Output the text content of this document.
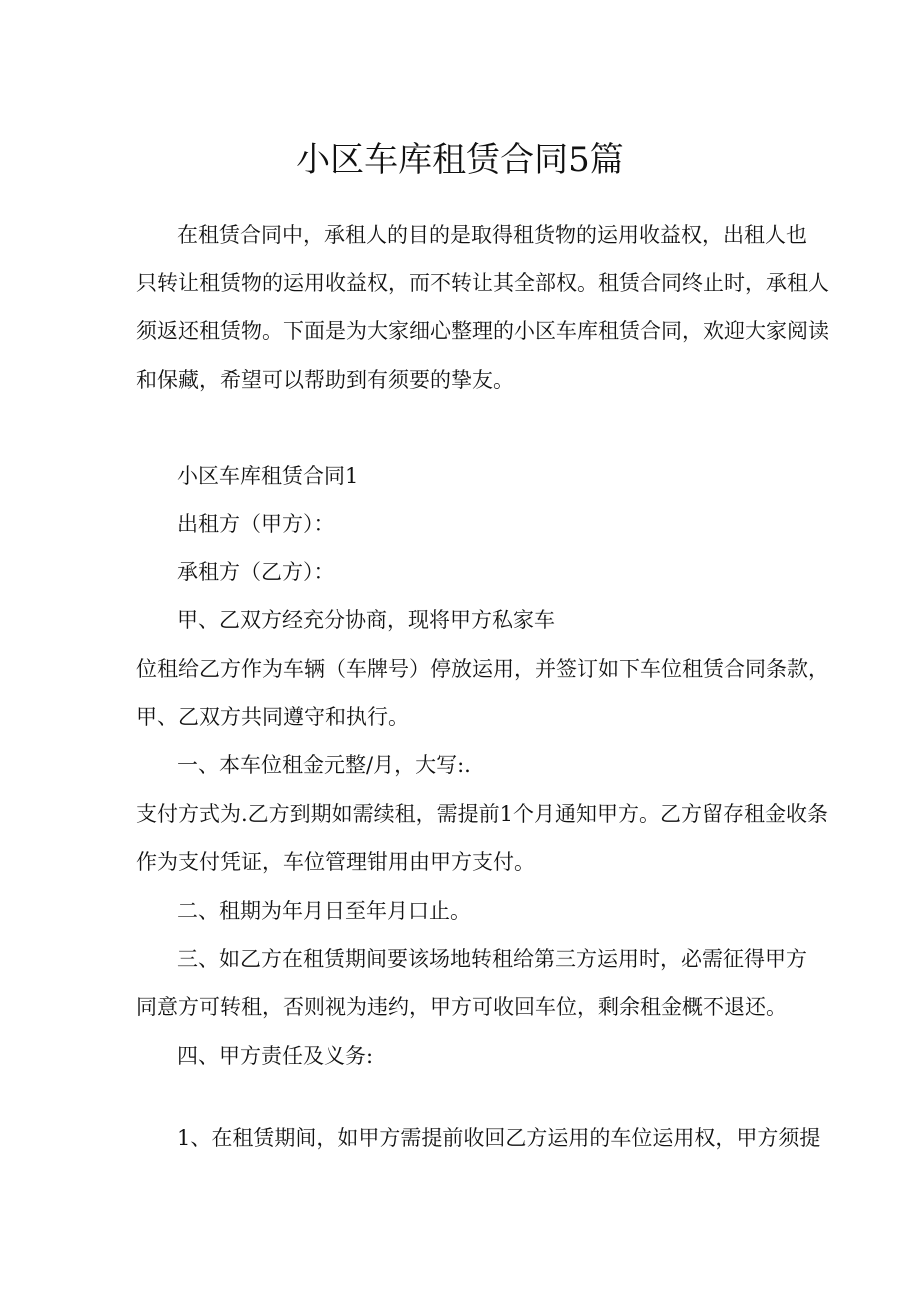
小区车库租赁合同5篇

在租赁合同中，承租人的目的是取得租货物的运用收益权，出租人也

只转让租赁物的运用收益权，而不转让其全部权。租赁合同终止时，承租人

须返还租赁物。下面是为大家细心整理的小区车库租赁合同，欢迎大家阅读

和保藏，希望可以帮助到有须要的挚友。

小区车库租赁合同1

出租方（甲方）：

承租方（乙方）：

甲、乙双方经充分协商，现将甲方私家车

位租给乙方作为车辆（车牌号）停放运用，并签订如下车位租赁合同条款，

甲、乙双方共同遵守和执行。

一、本车位租金元整/月，大写:.

支付方式为.乙方到期如需续租，需提前1个月通知甲方。乙方留存租金收条

作为支付凭证，车位管理钳用由甲方支付。

二、租期为年月日至年月口止。

三、如乙方在租赁期间要该场地转租给第三方运用时，必需征得甲方

同意方可转租，否则视为违约，甲方可收回车位，剩余租金概不退还。

四、甲方责任及义务:

1、在租赁期间，如甲方需提前收回乙方运用的车位运用权，甲方须提
